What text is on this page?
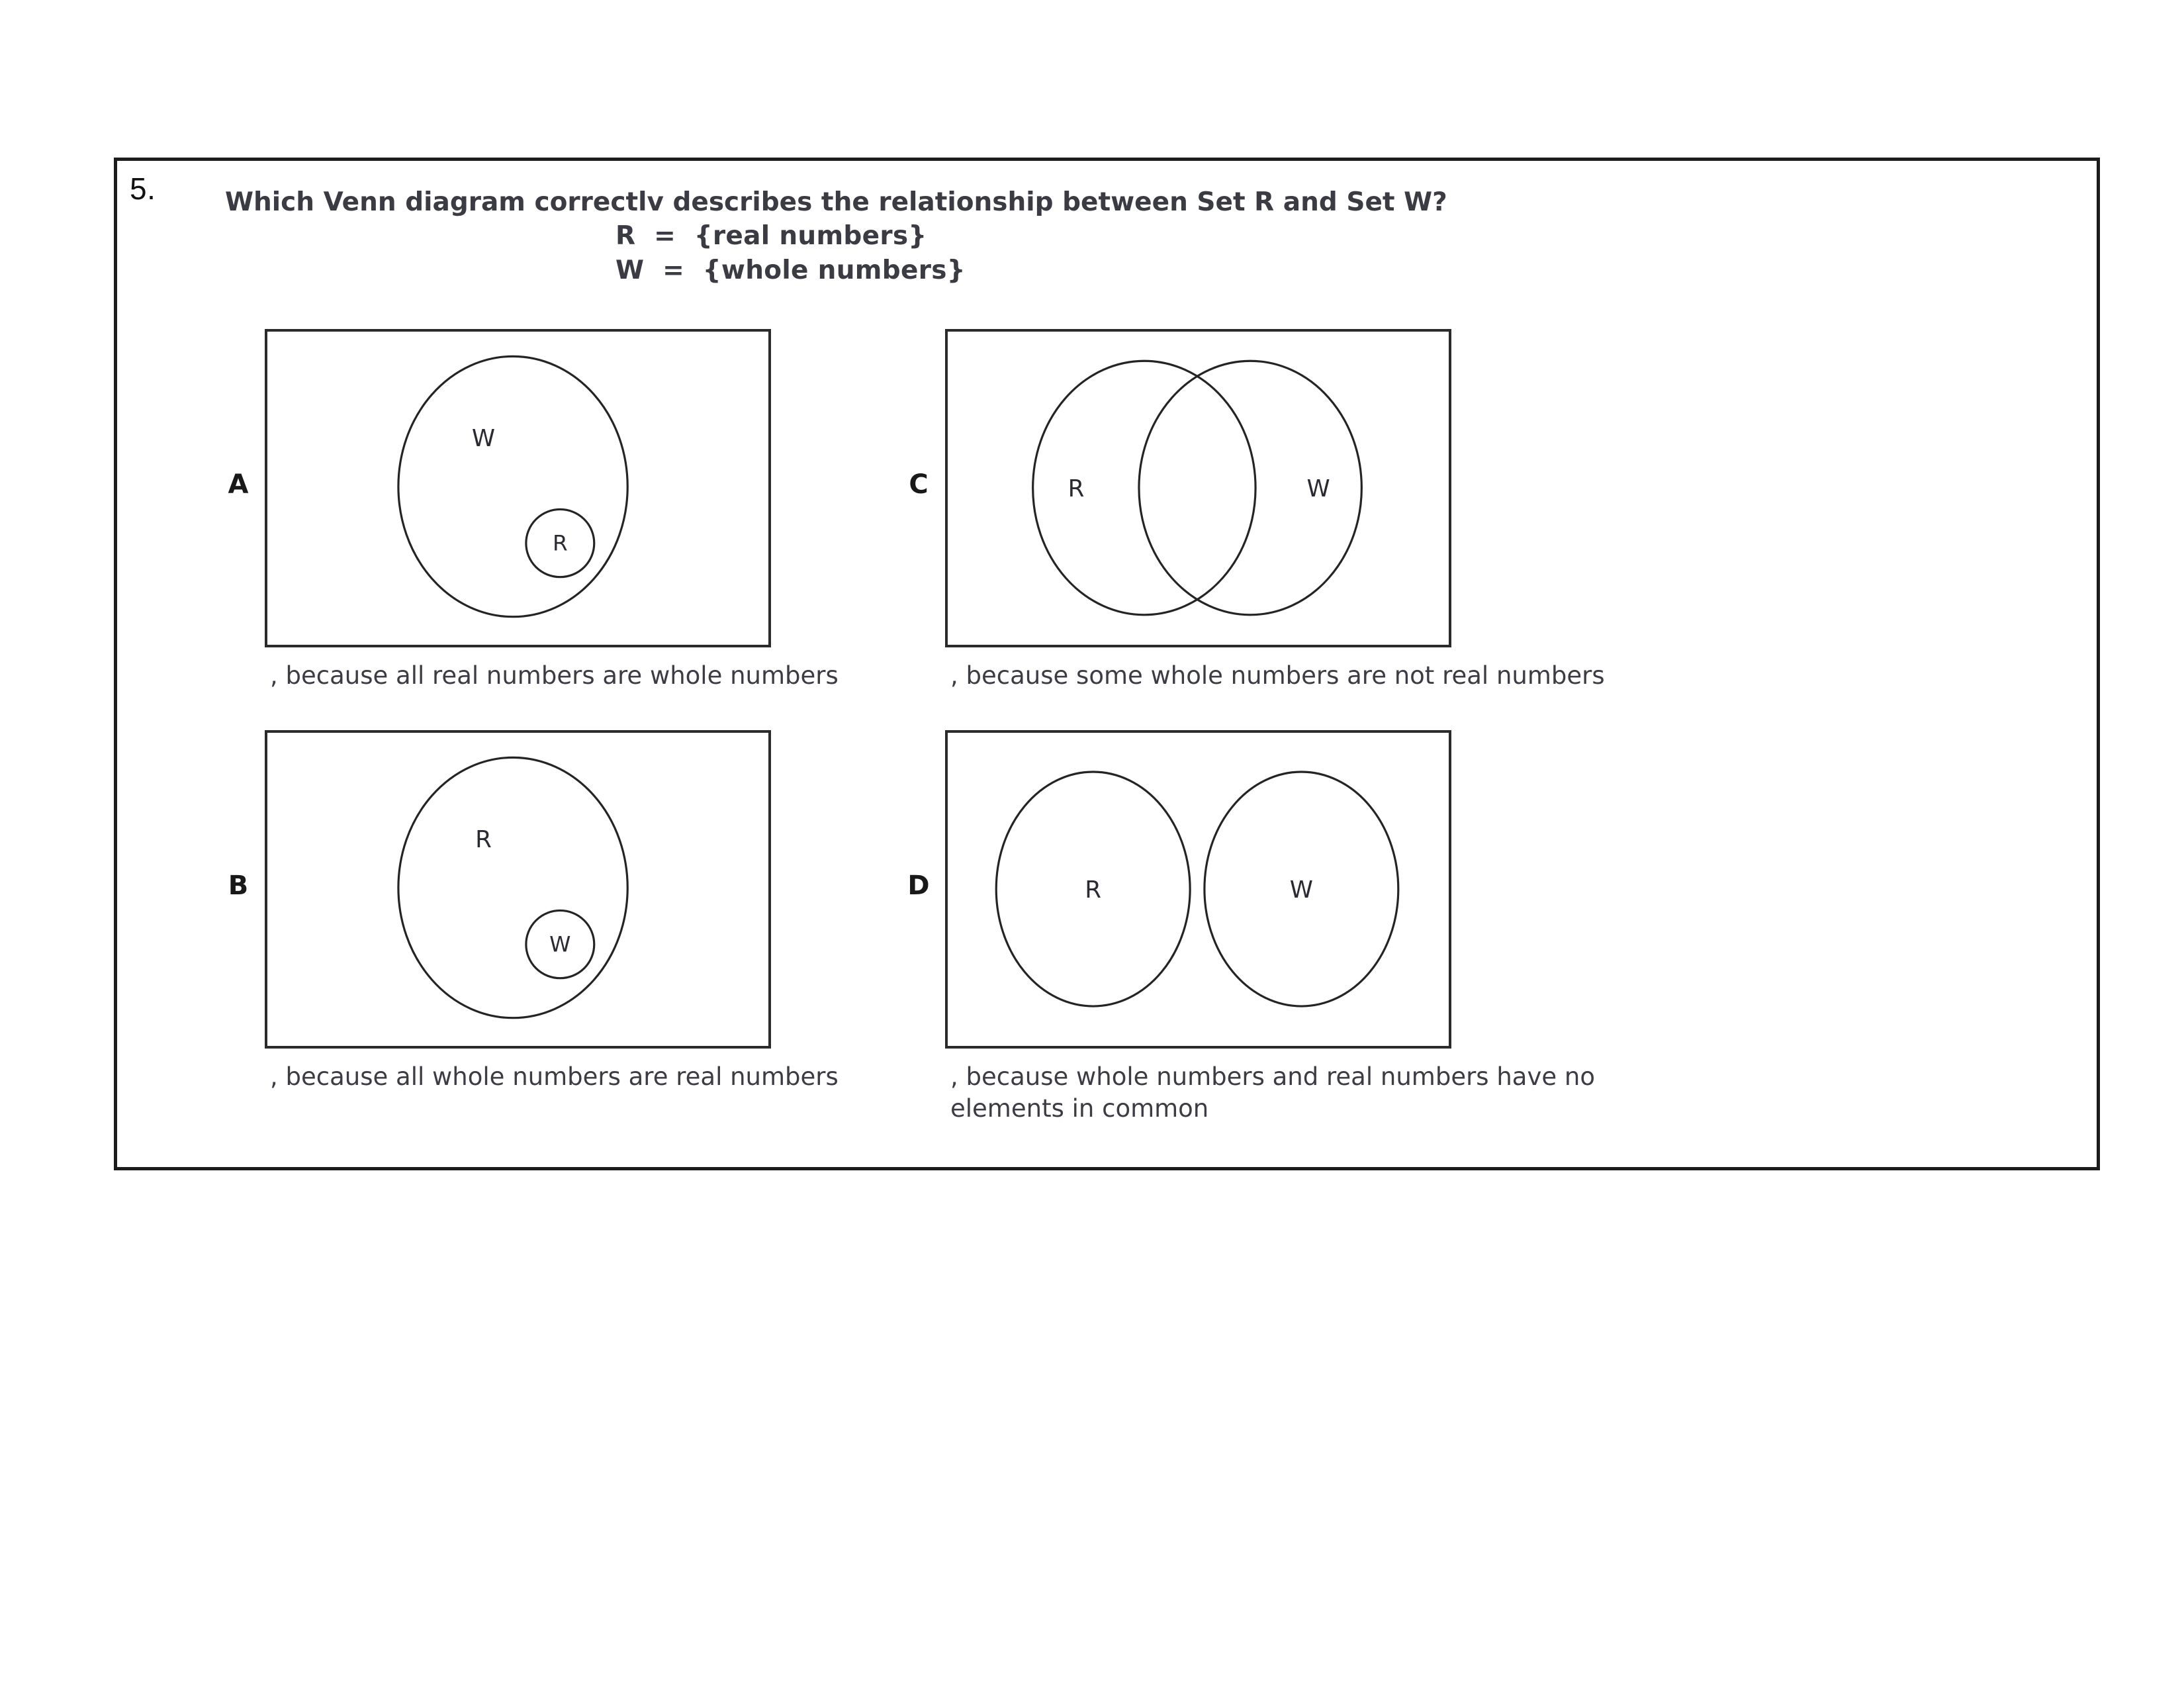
5.	Which Venn diagram correctlv describes the relationship between Set R and Set W?
R  =  {real numbers}
W  =  {whole numbers}
A
W
R
, because all real numbers are whole numbers
C	R	W
, because some whole numbers are not real numbers
B
R
W
, because all whole numbers are real numbers
D	R	W
, because whole numbers and real numbers have no elements in common
